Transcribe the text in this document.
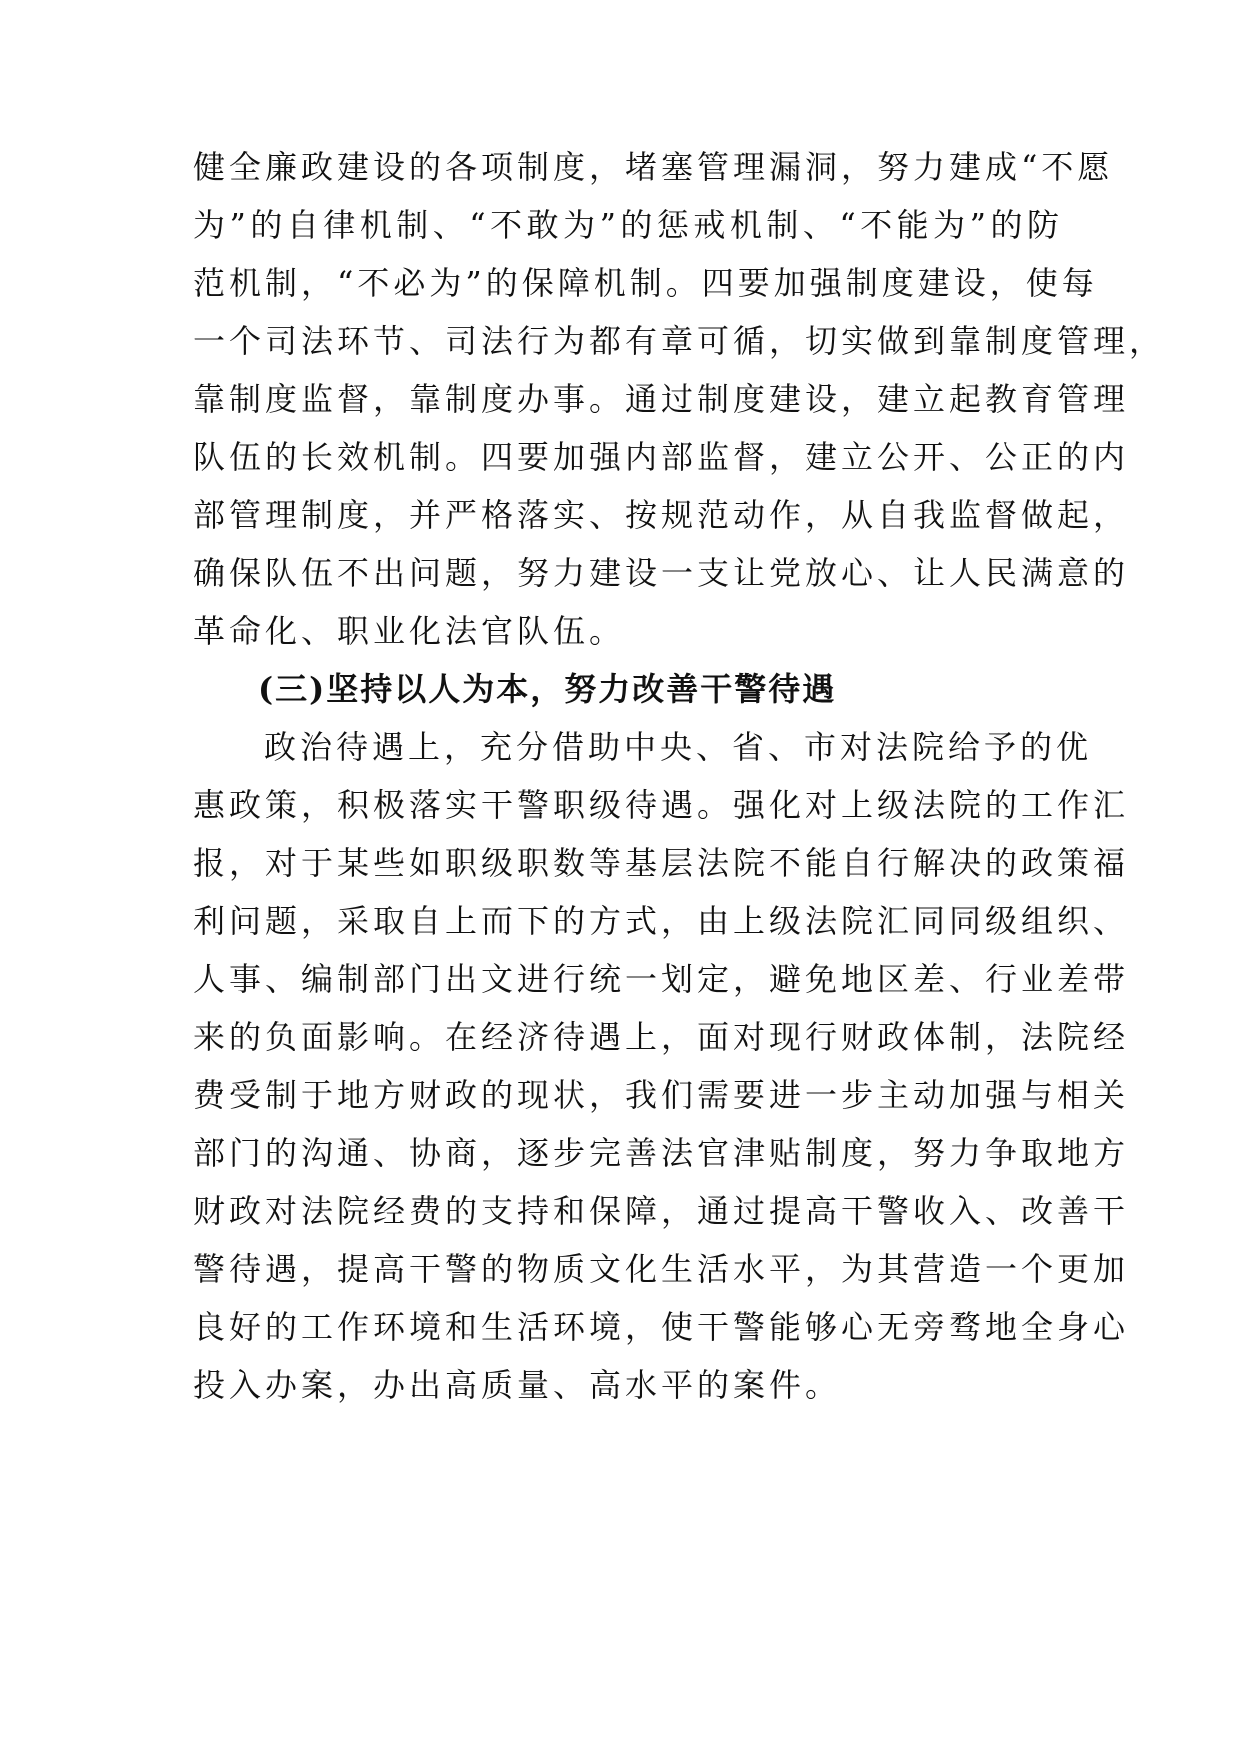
健全廉政建设的各项制度，堵塞管理漏洞，努力建成“不愿
为”的自律机制、“不敢为”的惩戒机制、“不能为”的防
范机制，“不必为”的保障机制。四要加强制度建设，使每
一个司法环节、司法行为都有章可循，切实做到靠制度管理，
靠制度监督，靠制度办事。通过制度建设，建立起教育管理
队伍的长效机制。四要加强内部监督，建立公开、公正的内
部管理制度，并严格落实、按规范动作，从自我监督做起，
确保队伍不出问题，努力建设一支让党放心、让人民满意的
革命化、职业化法官队伍。
(三)坚持以人为本，努力改善干警待遇
政治待遇上，充分借助中央、省、市对法院给予的优
惠政策，积极落实干警职级待遇。强化对上级法院的工作汇
报，对于某些如职级职数等基层法院不能自行解决的政策福
利问题，采取自上而下的方式，由上级法院汇同同级组织、
人事、编制部门出文进行统一划定，避免地区差、行业差带
来的负面影响。在经济待遇上，面对现行财政体制，法院经
费受制于地方财政的现状，我们需要进一步主动加强与相关
部门的沟通、协商，逐步完善法官津贴制度，努力争取地方
财政对法院经费的支持和保障，通过提高干警收入、改善干
警待遇，提高干警的物质文化生活水平，为其营造一个更加
良好的工作环境和生活环境，使干警能够心无旁骛地全身心
投入办案，办出高质量、高水平的案件。
